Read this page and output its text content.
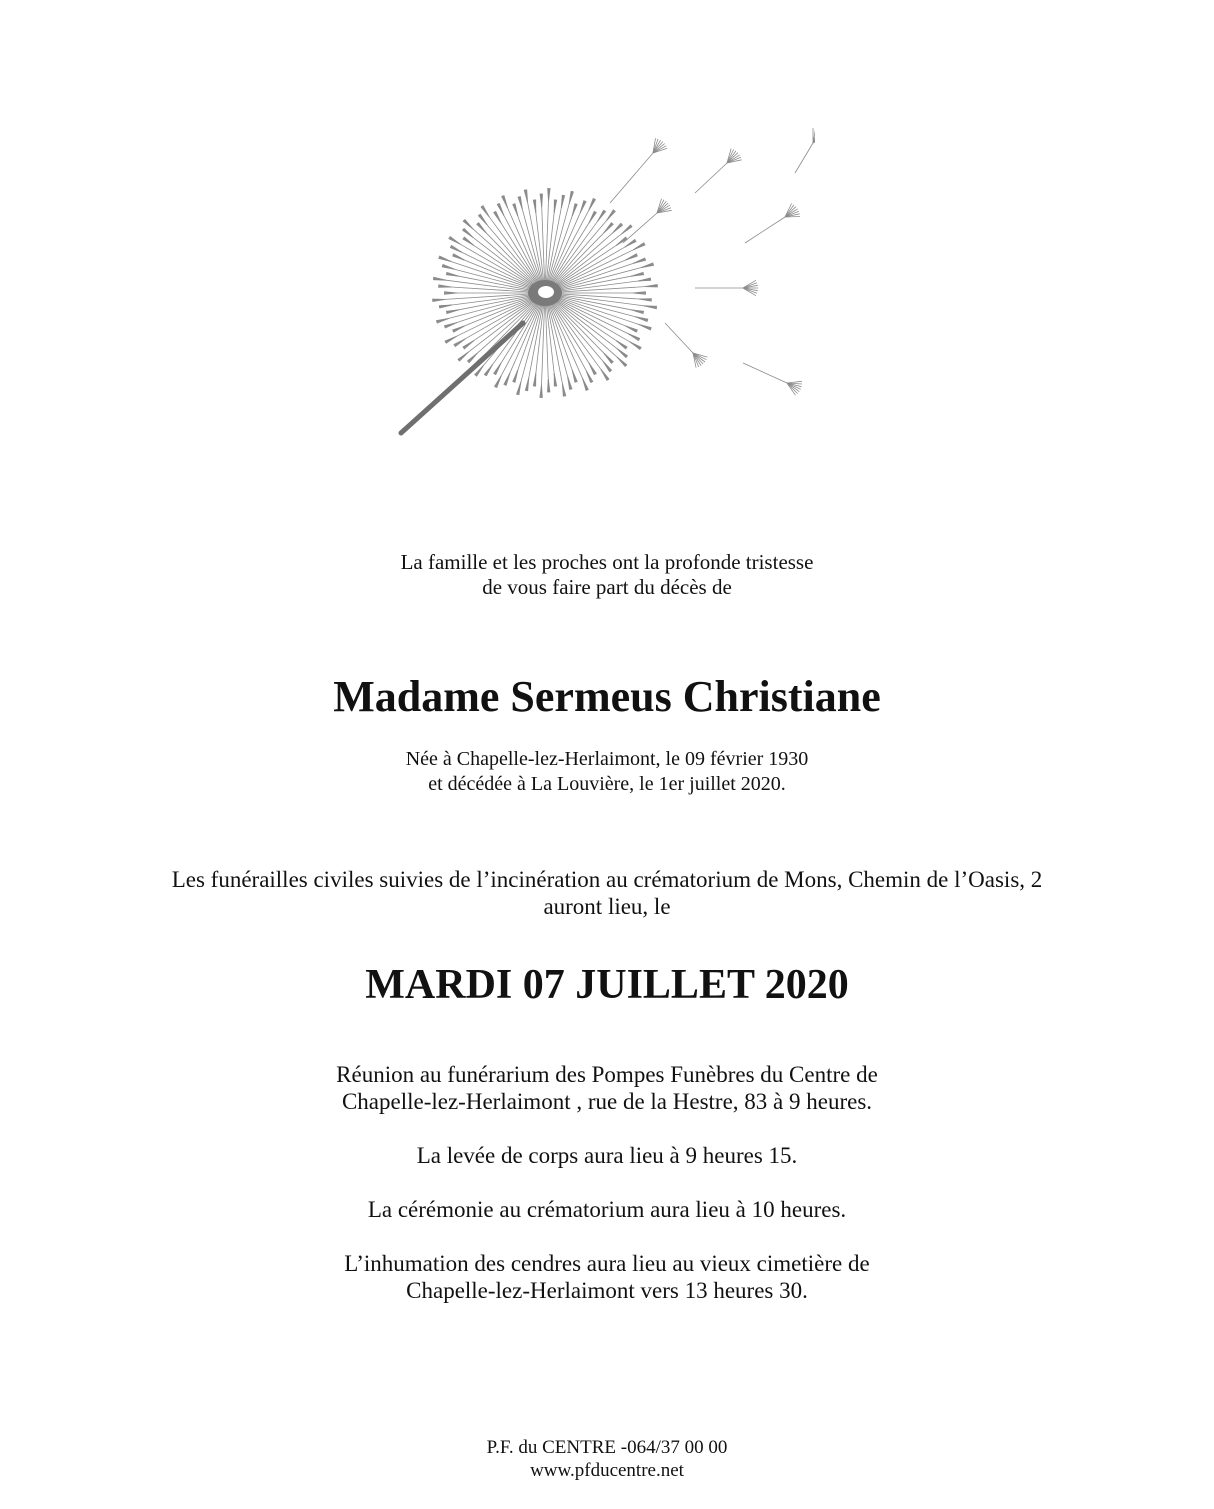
La famille et les proches ont la profonde tristesse
de vous faire part du décès de
Madame Sermeus Christiane
Née à Chapelle-lez-Herlaimont, le 09 février 1930
et décédée à La Louvière, le 1er juillet 2020.
Les funérailles civiles suivies de l’incinération au crématorium de Mons, Chemin de l’Oasis, 2
auront lieu, le
MARDI 07 JUILLET 2020
Réunion au funérarium des Pompes Funèbres du Centre de
Chapelle-lez-Herlaimont , rue de la Hestre, 83 à 9 heures.
La levée de corps aura lieu à 9 heures 15.
La cérémonie au crématorium aura lieu à 10 heures.
L’inhumation des cendres aura lieu au vieux cimetière de
Chapelle-lez-Herlaimont vers 13 heures 30.
P.F. du CENTRE -064/37 00 00
www.pfducentre.net
